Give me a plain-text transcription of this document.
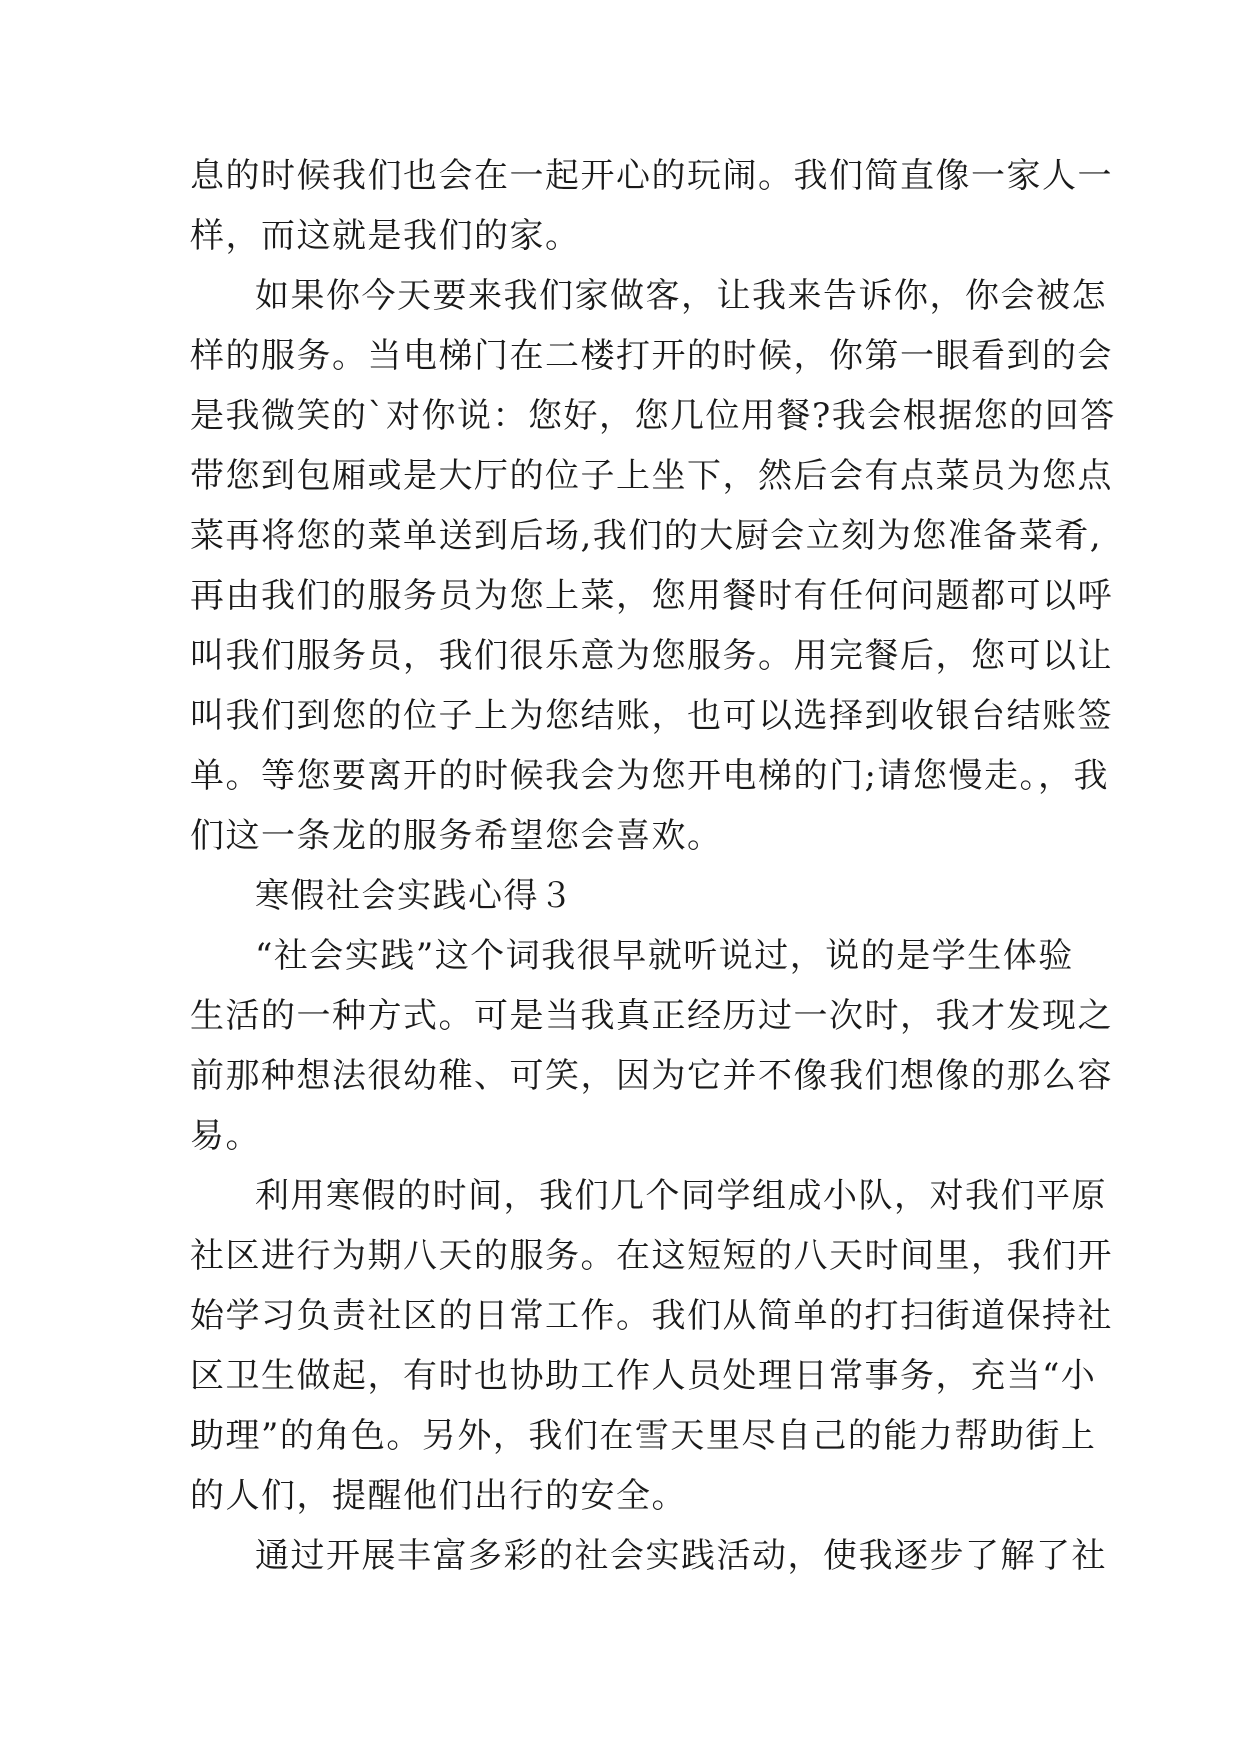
息的时候我们也会在一起开心的玩闹。我们简直像一家人一
样，而这就是我们的家。
如果你今天要来我们家做客，让我来告诉你，你会被怎
样的服务。当电梯门在二楼打开的时候，你第一眼看到的会
是我微笑的`对你说：您好，您几位用餐?我会根据您的回答
带您到包厢或是大厅的位子上坐下，然后会有点菜员为您点
菜再将您的菜单送到后场,我们的大厨会立刻为您准备菜肴,
再由我们的服务员为您上菜，您用餐时有任何问题都可以呼
叫我们服务员，我们很乐意为您服务。用完餐后，您可以让
叫我们到您的位子上为您结账，也可以选择到收银台结账签
单。等您要离开的时候我会为您开电梯的门;请您慢走。，我
们这一条龙的服务希望您会喜欢。
寒假社会实践心得３
“社会实践”这个词我很早就听说过，说的是学生体验
生活的一种方式。可是当我真正经历过一次时，我才发现之
前那种想法很幼稚、可笑，因为它并不像我们想像的那么容
易。
利用寒假的时间，我们几个同学组成小队，对我们平原
社区进行为期八天的服务。在这短短的八天时间里，我们开
始学习负责社区的日常工作。我们从简单的打扫街道保持社
区卫生做起，有时也协助工作人员处理日常事务，充当“小
助理”的角色。另外，我们在雪天里尽自己的能力帮助街上
的人们，提醒他们出行的安全。
通过开展丰富多彩的社会实践活动，使我逐步了解了社
